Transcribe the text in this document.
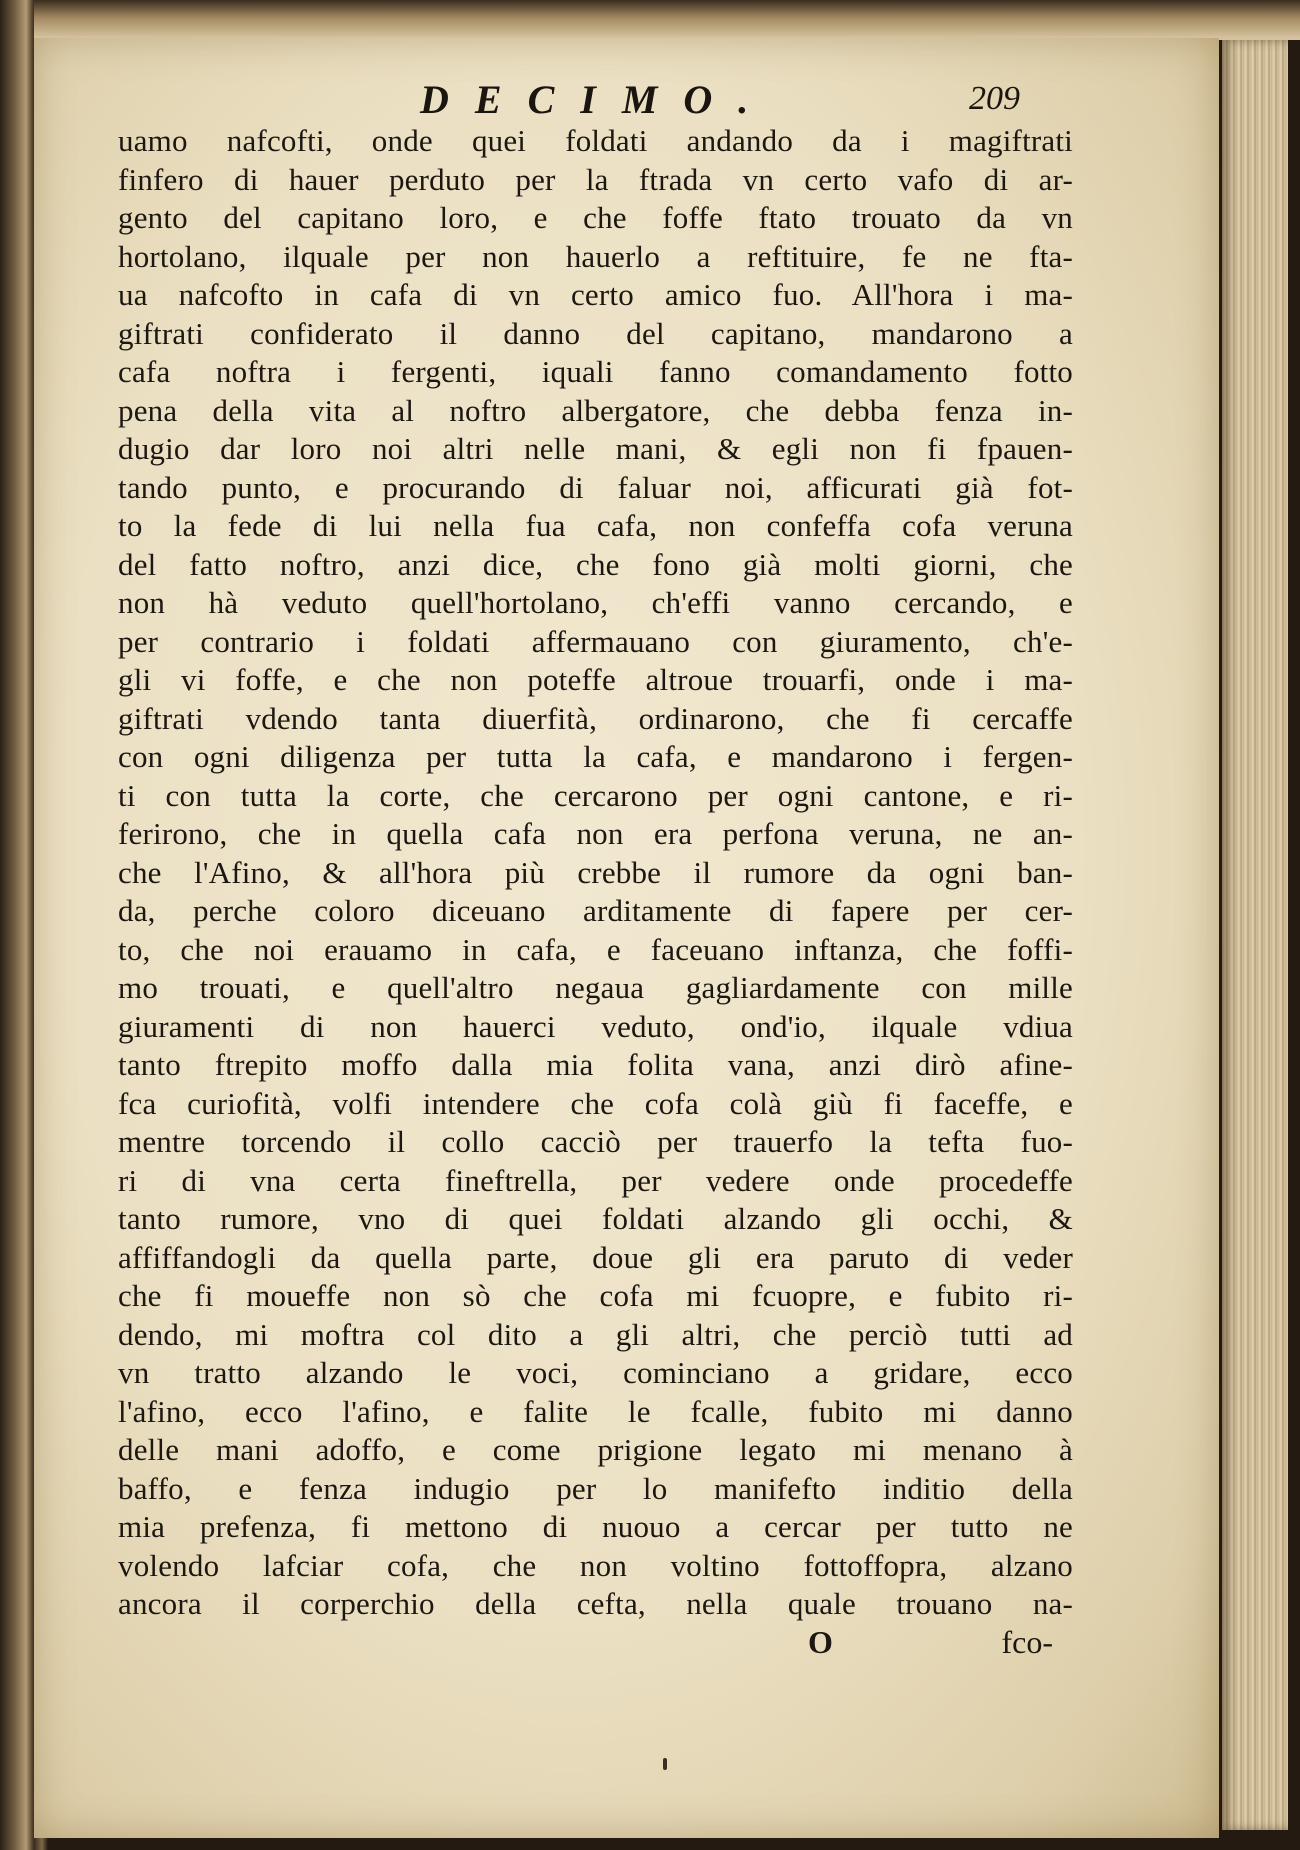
DECIMO.	209
uamo nafcofti, onde quei foldati andando da i magiftrati
finfero di hauer perduto per la ftrada vn certo vafo di ar-
gento del capitano loro, e che foffe ftato trouato da vn
hortolano, ilquale per non hauerlo a reftituire, fe ne fta-
ua nafcofto in cafa di vn certo amico fuo. All'hora i ma-
giftrati confiderato il danno del capitano, mandarono a
cafa noftra i fergenti, iquali fanno comandamento fotto
pena della vita al noftro albergatore, che debba fenza in-
dugio dar loro noi altri nelle mani, & egli non fi fpauen-
tando punto, e procurando di faluar noi, afficurati già fot-
to la fede di lui nella fua cafa, non confeffa cofa veruna
del fatto noftro, anzi dice, che fono già molti giorni, che
non hà veduto quell'hortolano, ch'effi vanno cercando, e
per contrario i foldati affermauano con giuramento, ch'e-
gli vi foffe, e che non poteffe altroue trouarfi, onde i ma-
giftrati vdendo tanta diuerfità, ordinarono, che fi cercaffe
con ogni diligenza per tutta la cafa, e mandarono i fergen-
ti con tutta la corte, che cercarono per ogni cantone, e ri-
ferirono, che in quella cafa non era perfona veruna, ne an-
che l'Afino, & all'hora più crebbe il rumore da ogni ban-
da, perche coloro diceuano arditamente di fapere per cer-
to, che noi erauamo in cafa, e faceuano inftanza, che foffi-
mo trouati, e quell'altro negaua gagliardamente con mille
giuramenti di non hauerci veduto, ond'io, ilquale vdiua
tanto ftrepito moffo dalla mia folita vana, anzi dirò afine-
fca curiofità, volfi intendere che cofa colà giù fi faceffe, e
mentre torcendo il collo cacciò per trauerfo la tefta fuo-
ri di vna certa fineftrella, per vedere onde procedeffe
tanto rumore, vno di quei foldati alzando gli occhi, &
affiffandogli da quella parte, doue gli era paruto di veder
che fi moueffe non sò che cofa mi fcuopre, e fubito ri-
dendo, mi moftra col dito a gli altri, che perciò tutti ad
vn tratto alzando le voci, cominciano a gridare, ecco
l'afino, ecco l'afino, e falite le fcalle, fubito mi danno
delle mani adoffo, e come prigione legato mi menano à
baffo, e fenza indugio per lo manifefto inditio della
mia prefenza, fi mettono di nuouo a cercar per tutto ne
volendo lafciar cofa, che non voltino fottoffopra, alzano
ancora il corperchio della cefta, nella quale trouano na-
O	fco-
